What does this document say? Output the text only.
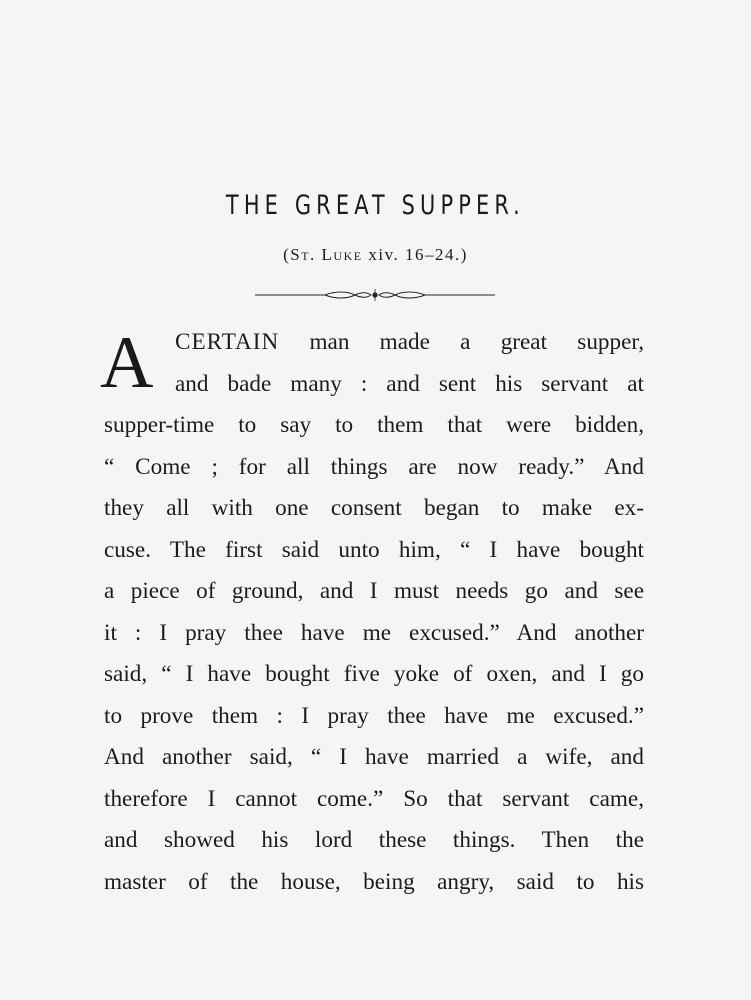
THE GREAT SUPPER.
(St. Luke xiv. 16–24.)
A CERTAIN man made a great supper,
and bade many : and sent his servant at
supper-time to say to them that were bidden,
“ Come ; for all things are now ready.” And
they all with one consent began to make ex-
cuse. The first said unto him, “ I have bought
a piece of ground, and I must needs go and see
it : I pray thee have me excused.” And another
said, “ I have bought five yoke of oxen, and I go
to prove them : I pray thee have me excused.”
And another said, “ I have married a wife, and
therefore I cannot come.” So that servant came,
and showed his lord these things. Then the
master of the house, being angry, said to his
